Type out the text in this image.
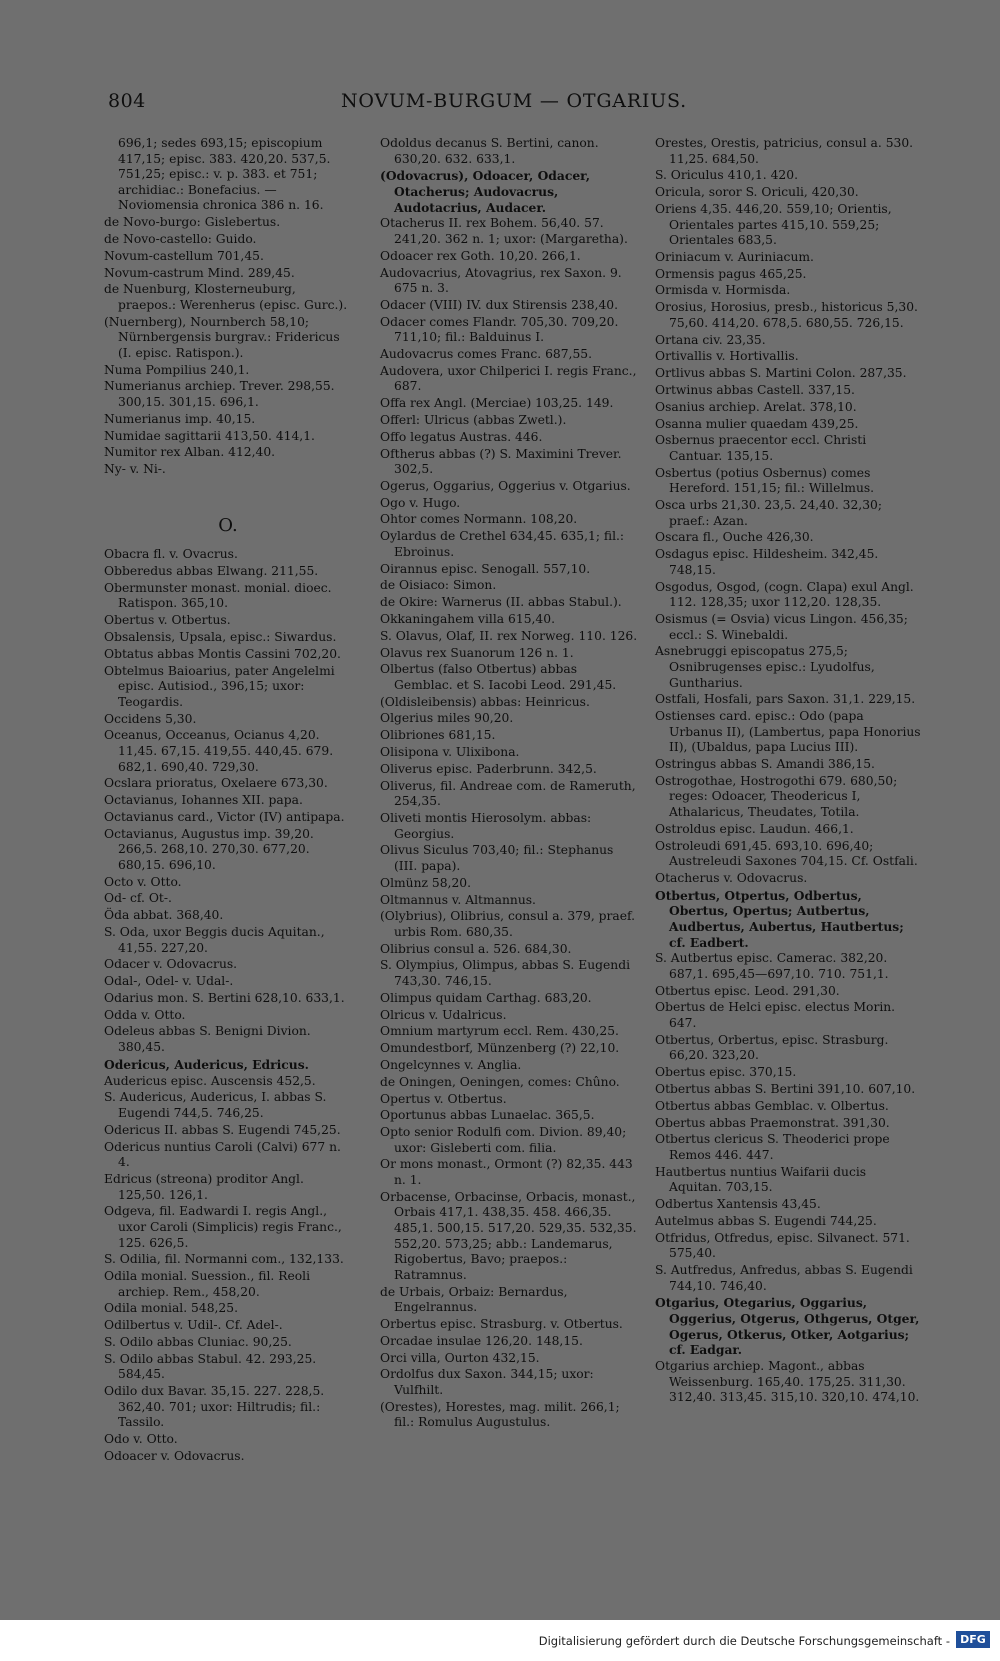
804	NOVUM-BURGUM — OTGARIUS.
696,1; sedes 693,15; episcopium 417,15; episc. 383. 420,20. 537,5. 751,25; episc.: v. p. 383. et 751; archidiac.: Bonefacius. — Noviomensia chronica 386 n. 16.
de Novo-burgo: Gislebertus.
de Novo-castello: Guido.
Novum-castellum 701,45.
Novum-castrum Mind. 289,45.
de Nuenburg, Klosterneuburg, praepos.: Werenherus (episc. Gurc.).
(Nuernberg), Nournberch 58,10; Nürnbergensis burgrav.: Fridericus (I. episc. Ratispon.).
Numa Pompilius 240,1.
Numerianus archiep. Trever. 298,55. 300,15. 301,15. 696,1.
Numerianus imp. 40,15.
Numidae sagittarii 413,50. 414,1.
Numitor rex Alban. 412,40.
Ny- v. Ni-.
O.
Obacra fl. v. Ovacrus.
Obberedus abbas Elwang. 211,55.
Obermunster monast. monial. dioec. Ratispon. 365,10.
Obertus v. Otbertus.
Obsalensis, Upsala, episc.: Siwardus.
Obtatus abbas Montis Cassini 702,20.
Obtelmus Baioarius, pater Angelelmi episc. Autisiod., 396,15; uxor: Teogardis.
Occidens 5,30.
Oceanus, Occeanus, Ocianus 4,20. 11,45. 67,15. 419,55. 440,45. 679. 682,1. 690,40. 729,30.
Ocslara prioratus, Oxelaere 673,30.
Octavianus, Iohannes XII. papa.
Octavianus card., Victor (IV) antipapa.
Octavianus, Augustus imp. 39,20. 266,5. 268,10. 270,30. 677,20. 680,15. 696,10.
Octo v. Otto.
Od- cf. Ot-.
Öda abbat. 368,40.
S. Oda, uxor Beggis ducis Aquitan., 41,55. 227,20.
Odacer v. Odovacrus.
Odal-, Odel- v. Udal-.
Odarius mon. S. Bertini 628,10. 633,1.
Odda v. Otto.
Odeleus abbas S. Benigni Divion. 380,45.
Odericus, Audericus, Edricus.
Audericus episc. Auscensis 452,5.
S. Audericus, Audericus, I. abbas S. Eugendi 744,5. 746,25.
Odericus II. abbas S. Eugendi 745,25.
Odericus nuntius Caroli (Calvi) 677 n. 4.
Edricus (streona) proditor Angl. 125,50. 126,1.
Odgeva, fil. Eadwardi I. regis Angl., uxor Caroli (Simplicis) regis Franc., 125. 626,5.
S. Odilia, fil. Normanni com., 132,133.
Odila monial. Suession., fil. Reoli archiep. Rem., 458,20.
Odila monial. 548,25.
Odilbertus v. Udil-. Cf. Adel-.
S. Odilo abbas Cluniac. 90,25.
S. Odilo abbas Stabul. 42. 293,25. 584,45.
Odilo dux Bavar. 35,15. 227. 228,5. 362,40. 701; uxor: Hiltrudis; fil.: Tassilo.
Odo v. Otto.
Odoacer v. Odovacrus.
Odoldus decanus S. Bertini, canon. 630,20. 632. 633,1.
(Odovacrus), Odoacer, Odacer, Otacherus; Audovacrus, Audotacrius, Audacer.
Otacherus II. rex Bohem. 56,40. 57. 241,20. 362 n. 1; uxor: (Margaretha).
Odoacer rex Goth. 10,20. 266,1.
Audovacrius, Atovagrius, rex Saxon. 9. 675 n. 3.
Odacer (VIII) IV. dux Stirensis 238,40.
Odacer comes Flandr. 705,30. 709,20. 711,10; fil.: Balduinus I.
Audovacrus comes Franc. 687,55.
Audovera, uxor Chilperici I. regis Franc., 687.
Offa rex Angl. (Merciae) 103,25. 149.
Offerl: Ulricus (abbas Zwetl.).
Offo legatus Austras. 446.
Oftherus abbas (?) S. Maximini Trever. 302,5.
Ogerus, Oggarius, Oggerius v. Otgarius.
Ogo v. Hugo.
Ohtor comes Normann. 108,20.
Oylardus de Crethel 634,45. 635,1; fil.: Ebroinus.
Oirannus episc. Senogall. 557,10.
de Oisiaco: Simon.
de Okire: Warnerus (II. abbas Stabul.).
Okkaningahem villa 615,40.
S. Olavus, Olaf, II. rex Norweg. 110. 126.
Olavus rex Suanorum 126 n. 1.
Olbertus (falso Otbertus) abbas Gemblac. et S. Iacobi Leod. 291,45.
(Oldisleibensis) abbas: Heinricus.
Olgerius miles 90,20.
Olibriones 681,15.
Olisipona v. Ulixibona.
Oliverus episc. Paderbrunn. 342,5.
Oliverus, fil. Andreae com. de Rameruth, 254,35.
Oliveti montis Hierosolym. abbas: Georgius.
Olivus Siculus 703,40; fil.: Stephanus (III. papa).
Olmünz 58,20.
Oltmannus v. Altmannus.
(Olybrius), Olibrius, consul a. 379, praef. urbis Rom. 680,35.
Olibrius consul a. 526. 684,30.
S. Olympius, Olimpus, abbas S. Eugendi 743,30. 746,15.
Olimpus quidam Carthag. 683,20.
Olricus v. Udalricus.
Omnium martyrum eccl. Rem. 430,25.
Omundestborf, Münzenberg (?) 22,10.
Ongelcynnes v. Anglia.
de Oningen, Oeningen, comes: Chûno.
Opertus v. Otbertus.
Oportunus abbas Lunaelac. 365,5.
Opto senior Rodulfi com. Divion. 89,40; uxor: Gisleberti com. filia.
Or mons monast., Ormont (?) 82,35. 443 n. 1.
Orbacense, Orbacinse, Orbacis, monast., Orbais 417,1. 438,35. 458. 466,35. 485,1. 500,15. 517,20. 529,35. 532,35. 552,20. 573,25; abb.: Landemarus, Rigobertus, Bavo; praepos.: Ratramnus.
de Urbais, Orbaiz: Bernardus, Engelrannus.
Orbertus episc. Strasburg. v. Otbertus.
Orcadae insulae 126,20. 148,15.
Orci villa, Ourton 432,15.
Ordolfus dux Saxon. 344,15; uxor: Vulfhilt.
(Orestes), Horestes, mag. milit. 266,1; fil.: Romulus Augustulus.
Orestes, Orestis, patricius, consul a. 530. 11,25. 684,50.
S. Oriculus 410,1. 420.
Oricula, soror S. Oriculi, 420,30.
Oriens 4,35. 446,20. 559,10; Orientis, Orientales partes 415,10. 559,25; Orientales 683,5.
Oriniacum v. Auriniacum.
Ormensis pagus 465,25.
Ormisda v. Hormisda.
Orosius, Horosius, presb., historicus 5,30. 75,60. 414,20. 678,5. 680,55. 726,15.
Ortana civ. 23,35.
Ortivallis v. Hortivallis.
Ortlivus abbas S. Martini Colon. 287,35.
Ortwinus abbas Castell. 337,15.
Osanius archiep. Arelat. 378,10.
Osanna mulier quaedam 439,25.
Osbernus praecentor eccl. Christi Cantuar. 135,15.
Osbertus (potius Osbernus) comes Hereford. 151,15; fil.: Willelmus.
Osca urbs 21,30. 23,5. 24,40. 32,30; praef.: Azan.
Oscara fl., Ouche 426,30.
Osdagus episc. Hildesheim. 342,45. 748,15.
Osgodus, Osgod, (cogn. Clapa) exul Angl. 112. 128,35; uxor 112,20. 128,35.
Osismus (= Osvia) vicus Lingon. 456,35; eccl.: S. Winebaldi.
Asnebruggi episcopatus 275,5; Osnibrugenses episc.: Lyudolfus, Guntharius.
Ostfali, Hosfali, pars Saxon. 31,1. 229,15.
Ostienses card. episc.: Odo (papa Urbanus II), (Lambertus, papa Honorius II), (Ubaldus, papa Lucius III).
Ostringus abbas S. Amandi 386,15.
Ostrogothae, Hostrogothi 679. 680,50; reges: Odoacer, Theodericus I, Athalaricus, Theudates, Totila.
Ostroldus episc. Laudun. 466,1.
Ostroleudi 691,45. 693,10. 696,40; Austreleudi Saxones 704,15. Cf. Ostfali.
Otacherus v. Odovacrus.
Otbertus, Otpertus, Odbertus, Obertus, Opertus; Autbertus, Audbertus, Aubertus, Hautbertus; cf. Eadbert.
S. Autbertus episc. Camerac. 382,20. 687,1. 695,45—697,10. 710. 751,1.
Otbertus episc. Leod. 291,30.
Obertus de Helci episc. electus Morin. 647.
Otbertus, Orbertus, episc. Strasburg. 66,20. 323,20.
Obertus episc. 370,15.
Otbertus abbas S. Bertini 391,10. 607,10.
Otbertus abbas Gemblac. v. Olbertus.
Obertus abbas Praemonstrat. 391,30.
Otbertus clericus S. Theoderici prope Remos 446. 447.
Hautbertus nuntius Waifarii ducis Aquitan. 703,15.
Odbertus Xantensis 43,45.
Autelmus abbas S. Eugendi 744,25.
Otfridus, Otfredus, episc. Silvanect. 571. 575,40.
S. Autfredus, Anfredus, abbas S. Eugendi 744,10. 746,40.
Otgarius, Otegarius, Oggarius, Oggerius, Otgerus, Othgerus, Otger, Ogerus, Otkerus, Otker, Aotgarius; cf. Eadgar.
Otgarius archiep. Magont., abbas Weissenburg. 165,40. 175,25. 311,30. 312,40. 313,45. 315,10. 320,10. 474,10.
Digitalisierung gefördert durch die Deutsche Forschungsgemeinschaft - DFG
